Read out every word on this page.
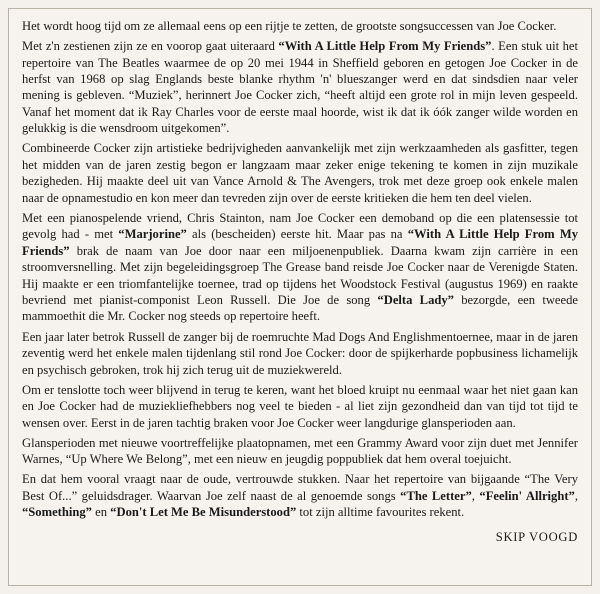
Het wordt hoog tijd om ze allemaal eens op een rijtje te zetten, de grootste songsuccessen van Joe Cocker.

Met z'n zestienen zijn ze en voorop gaat uiteraard “With A Little Help From My Friends”. Een stuk uit het repertoire van The Beatles waarmee de op 20 mei 1944 in Sheffield geboren en getogen Joe Cocker in de herfst van 1968 op slag Englands beste blanke rhythm 'n' blueszanger werd en dat sindsdien naar veler mening is gebleven. “Muziek”, herinnert Joe Cocker zich, “heeft altijd een grote rol in mijn leven gespeeld. Vanaf het moment dat ik Ray Charles voor de eerste maal hoorde, wist ik dat ik óók zanger wilde worden en gelukkig is die wensdroom uitgekomen”.

Combineerde Cocker zijn artistieke bedrijvigheden aanvankelijk met zijn werkzaamheden als gasfitter, tegen het midden van de jaren zestig begon er langzaam maar zeker enige tekening te komen in zijn muzikale bezigheden. Hij maakte deel uit van Vance Arnold & The Avengers, trok met deze groep ook enkele malen naar de opnamestudio en kon meer dan tevreden zijn over de eerste kritieken die hem ten deel vielen.

Met een pianospelende vriend, Chris Stainton, nam Joe Cocker een demoband op die een platensessie tot gevolg had - met “Marjorine” als (bescheiden) eerste hit. Maar pas na “With A Little Help From My Friends” brak de naam van Joe door naar een miljoenenpubliek. Daarna kwam zijn carrière in een stroomversnelling. Met zijn begeleidingsgroep The Grease band reisde Joe Cocker naar de Verenigde Staten. Hij maakte er een triomfantelijke toernee, trad op tijdens het Woodstock Festival (augustus 1969) en raakte bevriend met pianist-componist Leon Russell. Die Joe de song “Delta Lady” bezorgde, een tweede mammoethit die Mr. Cocker nog steeds op repertoire heeft.

Een jaar later betrok Russell de zanger bij de roemruchte Mad Dogs And Englishmentoernee, maar in de jaren zeventig werd het enkele malen tijdenlang stil rond Joe Cocker: door de spijkerharde popbusiness lichamelijk en psychisch gebroken, trok hij zich terug uit de muziekwereld.

Om er tenslotte toch weer blijvend in terug te keren, want het bloed kruipt nu eenmaal waar het niet gaan kan en Joe Cocker had de muziekliefhebbers nog veel te bieden - al liet zijn gezondheid dan van tijd tot tijd te wensen over. Eerst in de jaren tachtig braken voor Joe Cocker weer langdurige glansperioden aan.

Glansperioden met nieuwe voortreffelijke plaatopnamen, met een Grammy Award voor zijn duet met Jennifer Warnes, “Up Where We Belong”, met een nieuw en jeugdig poppubliek dat hem overal toejuicht.

En dat hem vooral vraagt naar de oude, vertrouwde stukken. Naar het repertoire van bijgaande “The Very Best Of...” geluidsdrager. Waarvan Joe zelf naast de al genoemde songs “The Letter”, “Feelin' Allright”, “Something” en “Don't Let Me Be Misunderstood” tot zijn alltime favourites rekent.

SKIP VOOGD
